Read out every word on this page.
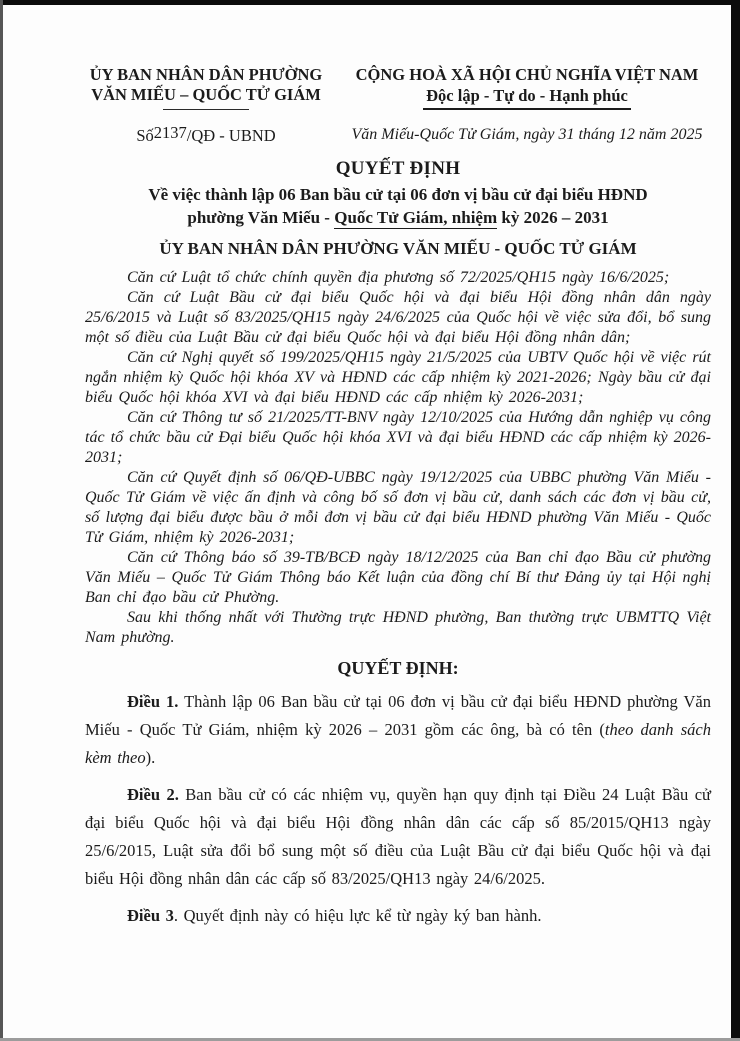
ỦY BAN NHÂN DÂN PHƯỜNG
VĂN MIẾU – QUỐC TỬ GIÁM
Số2137/QĐ - UBND
CỘNG HOÀ XÃ HỘI CHỦ NGHĨA VIỆT NAM
Độc lập - Tự do - Hạnh phúc
Văn Miếu-Quốc Tử Giám, ngày 31 tháng 12 năm 2025
QUYẾT ĐỊNH
Về việc thành lập 06 Ban bầu cử tại 06 đơn vị bầu cử đại biểu HĐND
phường Văn Miếu - Quốc Tử Giám, nhiệm kỳ 2026 – 2031
ỦY BAN NHÂN DÂN PHƯỜNG VĂN MIẾU - QUỐC TỬ GIÁM

Căn cứ Luật tổ chức chính quyền địa phương số 72/2025/QH15 ngày 16/6/2025;

Căn cứ Luật Bầu cử đại biểu Quốc hội và đại biểu Hội đồng nhân dân ngày 25/6/2015 và Luật số 83/2025/QH15 ngày 24/6/2025 của Quốc hội về việc sửa đổi, bổ sung một số điều của Luật Bầu cử đại biểu Quốc hội và đại biểu Hội đồng nhân dân;

Căn cứ Nghị quyết số 199/2025/QH15 ngày 21/5/2025 của UBTV Quốc hội về việc rút ngắn nhiệm kỳ Quốc hội khóa XV và HĐND các cấp nhiệm kỳ 2021-2026; Ngày bầu cử đại biểu Quốc hội khóa XVI và đại biểu HĐND các cấp nhiệm kỳ 2026-2031;

Căn cứ Thông tư số 21/2025/TT-BNV ngày 12/10/2025 của Hướng dẫn nghiệp vụ công tác tổ chức bầu cử Đại biểu Quốc hội khóa XVI và đại biểu HĐND các cấp nhiệm kỳ 2026-2031;

Căn cứ Quyết định số 06/QĐ-UBBC ngày 19/12/2025 của UBBC phường Văn Miếu - Quốc Tử Giám về việc ấn định và công bố số đơn vị bầu cử, danh sách các đơn vị bầu cử, số lượng đại biểu được bầu ở mỗi đơn vị bầu cử đại biểu HĐND phường Văn Miếu - Quốc Tử Giám, nhiệm kỳ 2026-2031;

Căn cứ Thông báo số 39-TB/BCĐ ngày 18/12/2025 của Ban chỉ đạo Bầu cử phường Văn Miếu – Quốc Tử Giám Thông báo Kết luận của đồng chí Bí thư Đảng ủy tại Hội nghị Ban chỉ đạo bầu cử Phường.

Sau khi thống nhất với Thường trực HĐND phường, Ban thường trực UBMTTQ Việt Nam phường.

QUYẾT ĐỊNH:

Điều 1. Thành lập 06 Ban bầu cử tại 06 đơn vị bầu cử đại biểu HĐND phường Văn Miếu - Quốc Tử Giám, nhiệm kỳ 2026 – 2031 gồm các ông, bà có tên (theo danh sách kèm theo).

Điều 2. Ban bầu cử có các nhiệm vụ, quyền hạn quy định tại Điều 24 Luật Bầu cử đại biểu Quốc hội và đại biểu Hội đồng nhân dân các cấp số 85/2015/QH13 ngày 25/6/2015, Luật sửa đổi bổ sung một số điều của Luật Bầu cử đại biểu Quốc hội và đại biểu Hội đồng nhân dân các cấp số 83/2025/QH13 ngày 24/6/2025.

Điều 3. Quyết định này có hiệu lực kể từ ngày ký ban hành.
